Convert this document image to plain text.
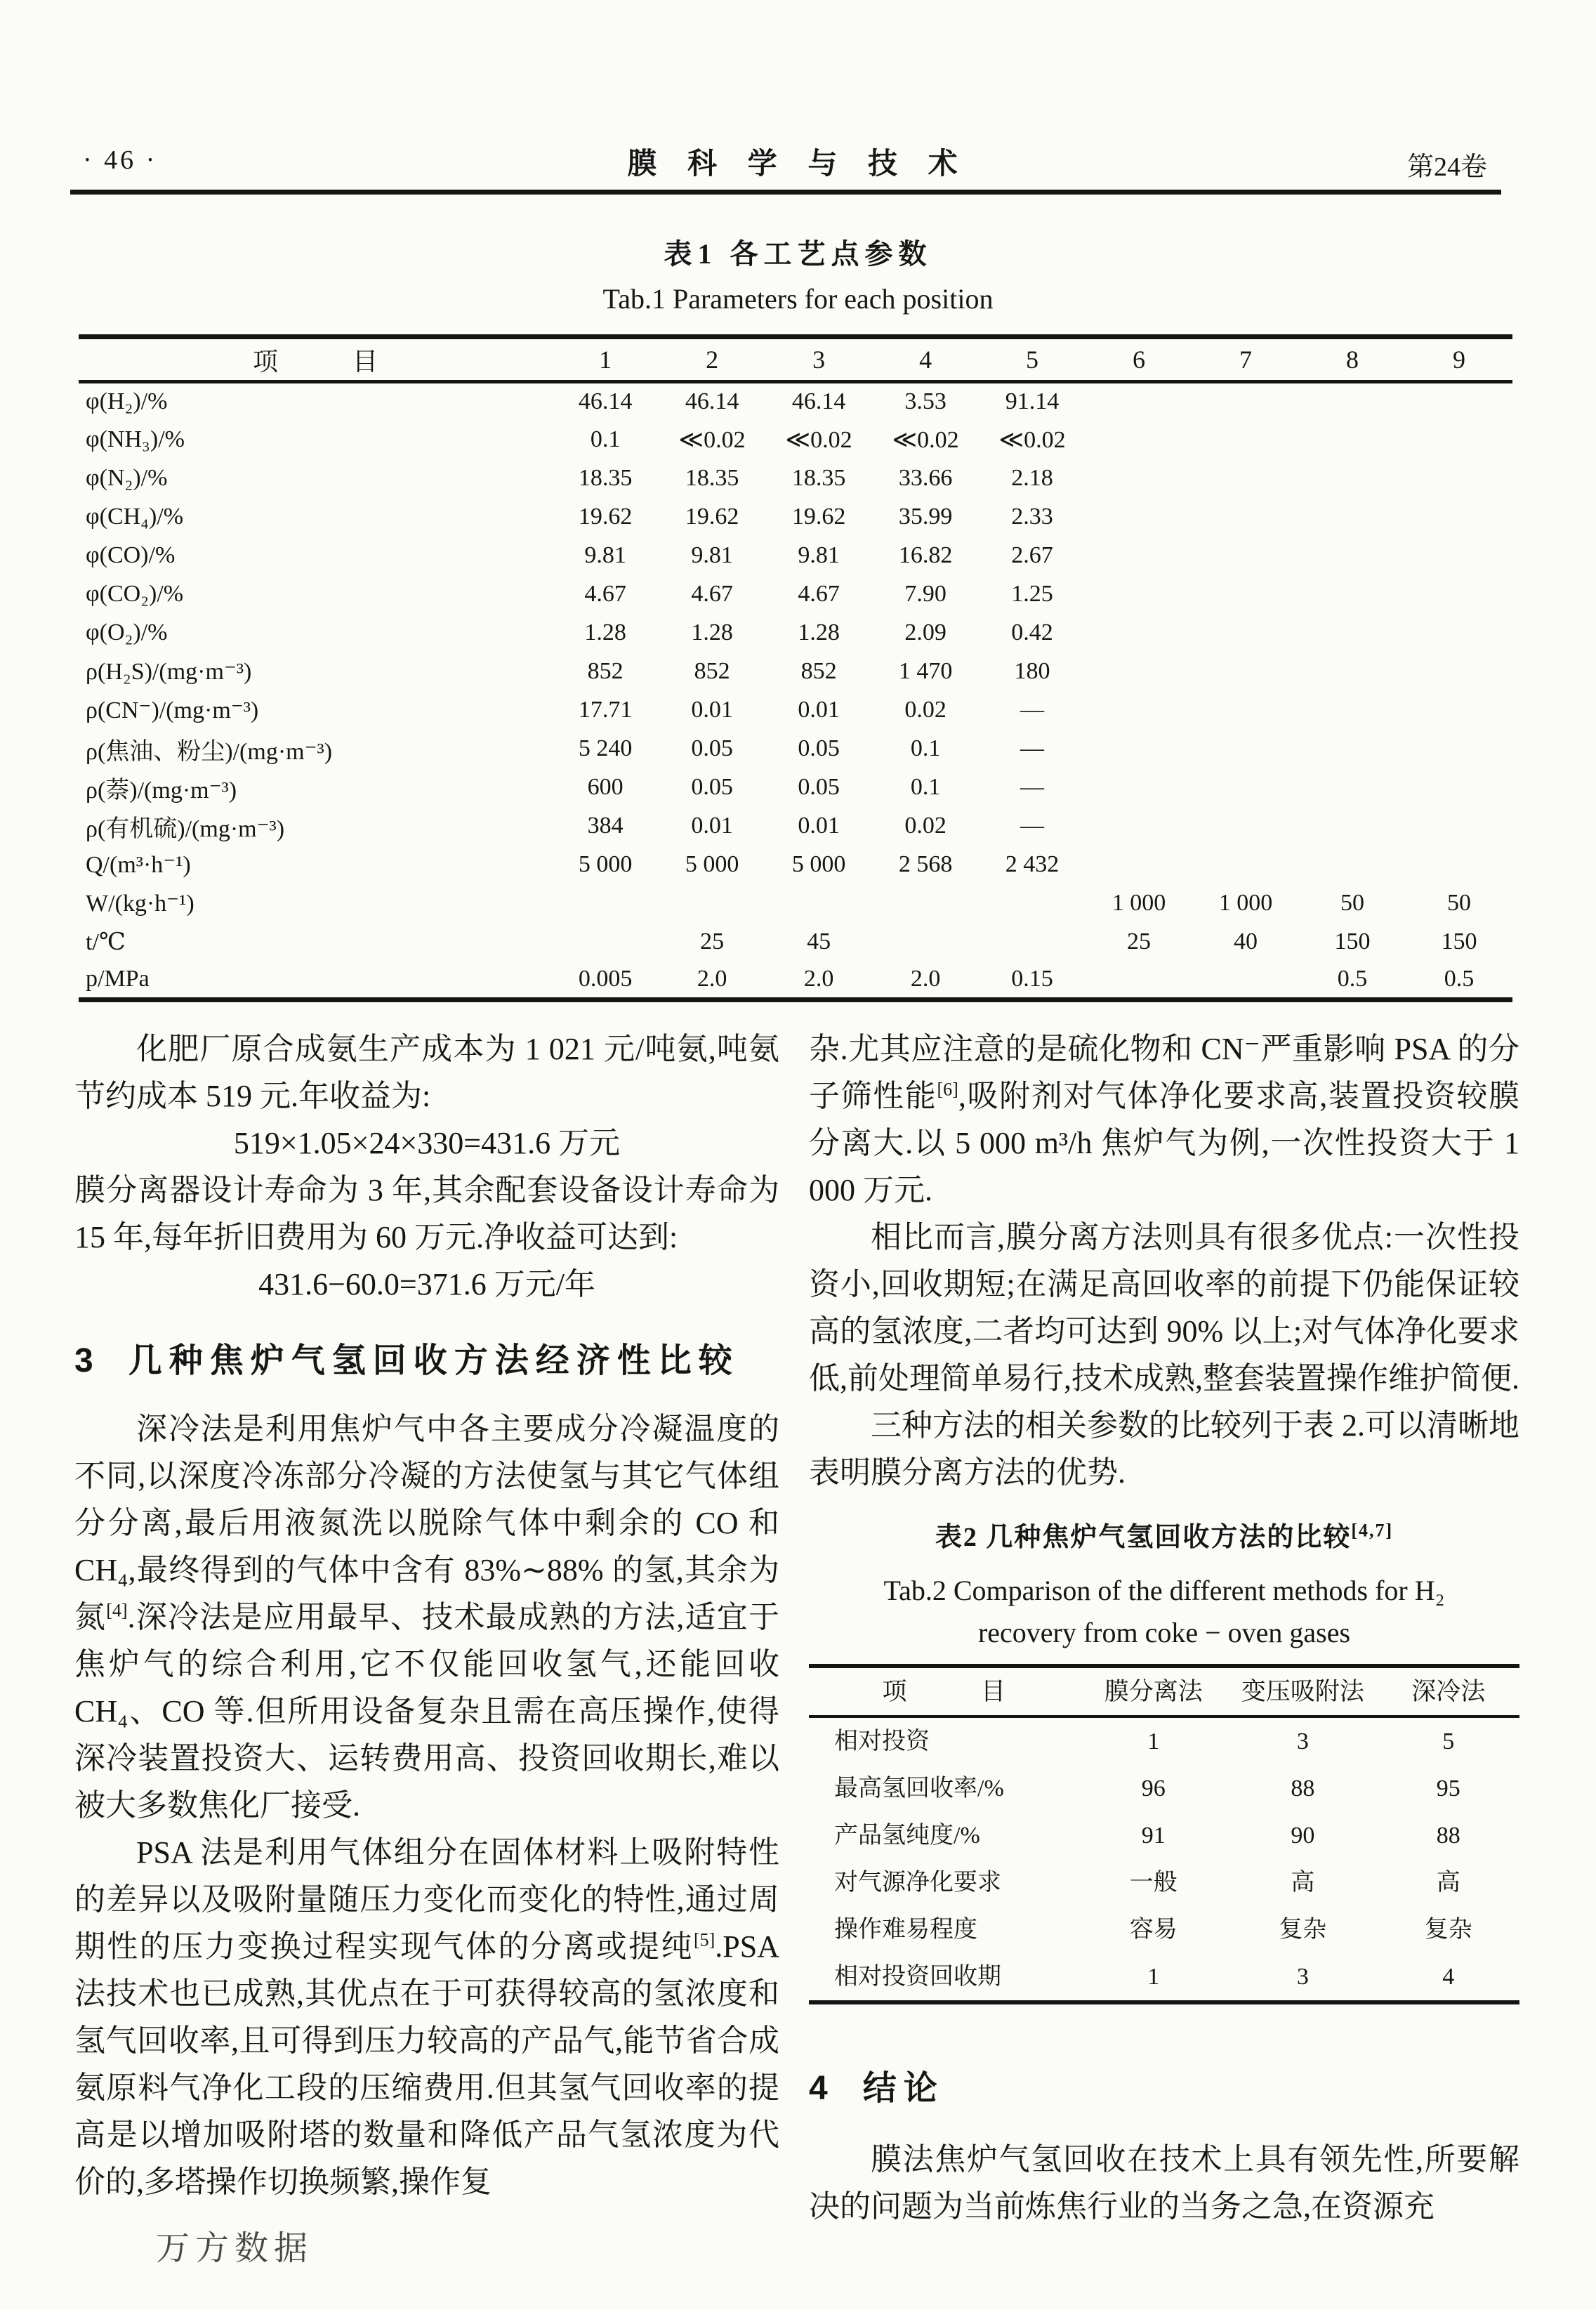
· 46 ·	膜 科 学 与 技 术	第24卷
表1 各工艺点参数
Tab.1 Parameters for each position
项  目	1	2	3	4	5	6	7	8	9
φ(H₂)/%	46.14	46.14	46.14	3.53	91.14				
φ(NH₃)/%	0.1	≪0.02	≪0.02	≪0.02	≪0.02				
φ(N₂)/%	18.35	18.35	18.35	33.66	2.18				
φ(CH₄)/%	19.62	19.62	19.62	35.99	2.33				
φ(CO)/%	9.81	9.81	9.81	16.82	2.67				
φ(CO₂)/%	4.67	4.67	4.67	7.90	1.25				
φ(O₂)/%	1.28	1.28	1.28	2.09	0.42				
ρ(H₂S)/(mg·m⁻³)	852	852	852	1 470	180				
ρ(CN⁻)/(mg·m⁻³)	17.71	0.01	0.01	0.02	—				
ρ(焦油、粉尘)/(mg·m⁻³)	5 240	0.05	0.05	0.1	—				
ρ(萘)/(mg·m⁻³)	600	0.05	0.05	0.1	—				
ρ(有机硫)/(mg·m⁻³)	384	0.01	0.01	0.02	—				
Q/(m³·h⁻¹)	5 000	5 000	5 000	2 568	2 432				
W/(kg·h⁻¹)						1 000	1 000	50	50
t/℃		25	45			25	40	150	150
p/MPa	0.005	2.0	2.0	2.0	0.15			0.5	0.5

化肥厂原合成氨生产成本为 1 021 元/吨氨,吨氨节约成本 519 元.年收益为:

519×1.05×24×330=431.6 万元

膜分离器设计寿命为 3 年,其余配套设备设计寿命为 15 年,每年折旧费用为 60 万元.净收益可达到:

431.6−60.0=371.6 万元/年
3 几种焦炉气氢回收方法经济性比较

深冷法是利用焦炉气中各主要成分冷凝温度的不同,以深度冷冻部分冷凝的方法使氢与其它气体组分分离,最后用液氮洗以脱除气体中剩余的 CO 和 CH₄,最终得到的气体中含有 83%∼88% 的氢,其余为氮[4].深冷法是应用最早、技术最成熟的方法,适宜于焦炉气的综合利用,它不仅能回收氢气,还能回收 CH₄、CO 等.但所用设备复杂且需在高压操作,使得深冷装置投资大、运转费用高、投资回收期长,难以被大多数焦化厂接受.

PSA 法是利用气体组分在固体材料上吸附特性的差异以及吸附量随压力变化而变化的特性,通过周期性的压力变换过程实现气体的分离或提纯[5].PSA 法技术也已成熟,其优点在于可获得较高的氢浓度和氢气回收率,且可得到压力较高的产品气,能节省合成氨原料气净化工段的压缩费用.但其氢气回收率的提高是以增加吸附塔的数量和降低产品气氢浓度为代价的,多塔操作切换频繁,操作复

杂.尤其应注意的是硫化物和 CN⁻严重影响 PSA 的分子筛性能[6],吸附剂对气体净化要求高,装置投资较膜分离大.以 5 000 m³/h 焦炉气为例,一次性投资大于 1 000 万元.

相比而言,膜分离方法则具有很多优点:一次性投资小,回收期短;在满足高回收率的前提下仍能保证较高的氢浓度,二者均可达到 90% 以上;对气体净化要求低,前处理简单易行,技术成熟,整套装置操作维护简便.

三种方法的相关参数的比较列于表 2.可以清晰地表明膜分离方法的优势.

表2 几种焦炉气氢回收方法的比较[4,7]
Tab.2 Comparison of the different methods for H₂
recovery from coke − oven gases
项  目	膜分离法	变压吸附法	深冷法
相对投资	1	3	5
最高氢回收率/%	96	88	95
产品氢纯度/%	91	90	88
对气源净化要求	一般	高	高
操作难易程度	容易	复杂	复杂
相对投资回收期	1	3	4
4 结论

膜法焦炉气氢回收在技术上具有领先性,所要解决的问题为当前炼焦行业的当务之急,在资源充

万方数据
